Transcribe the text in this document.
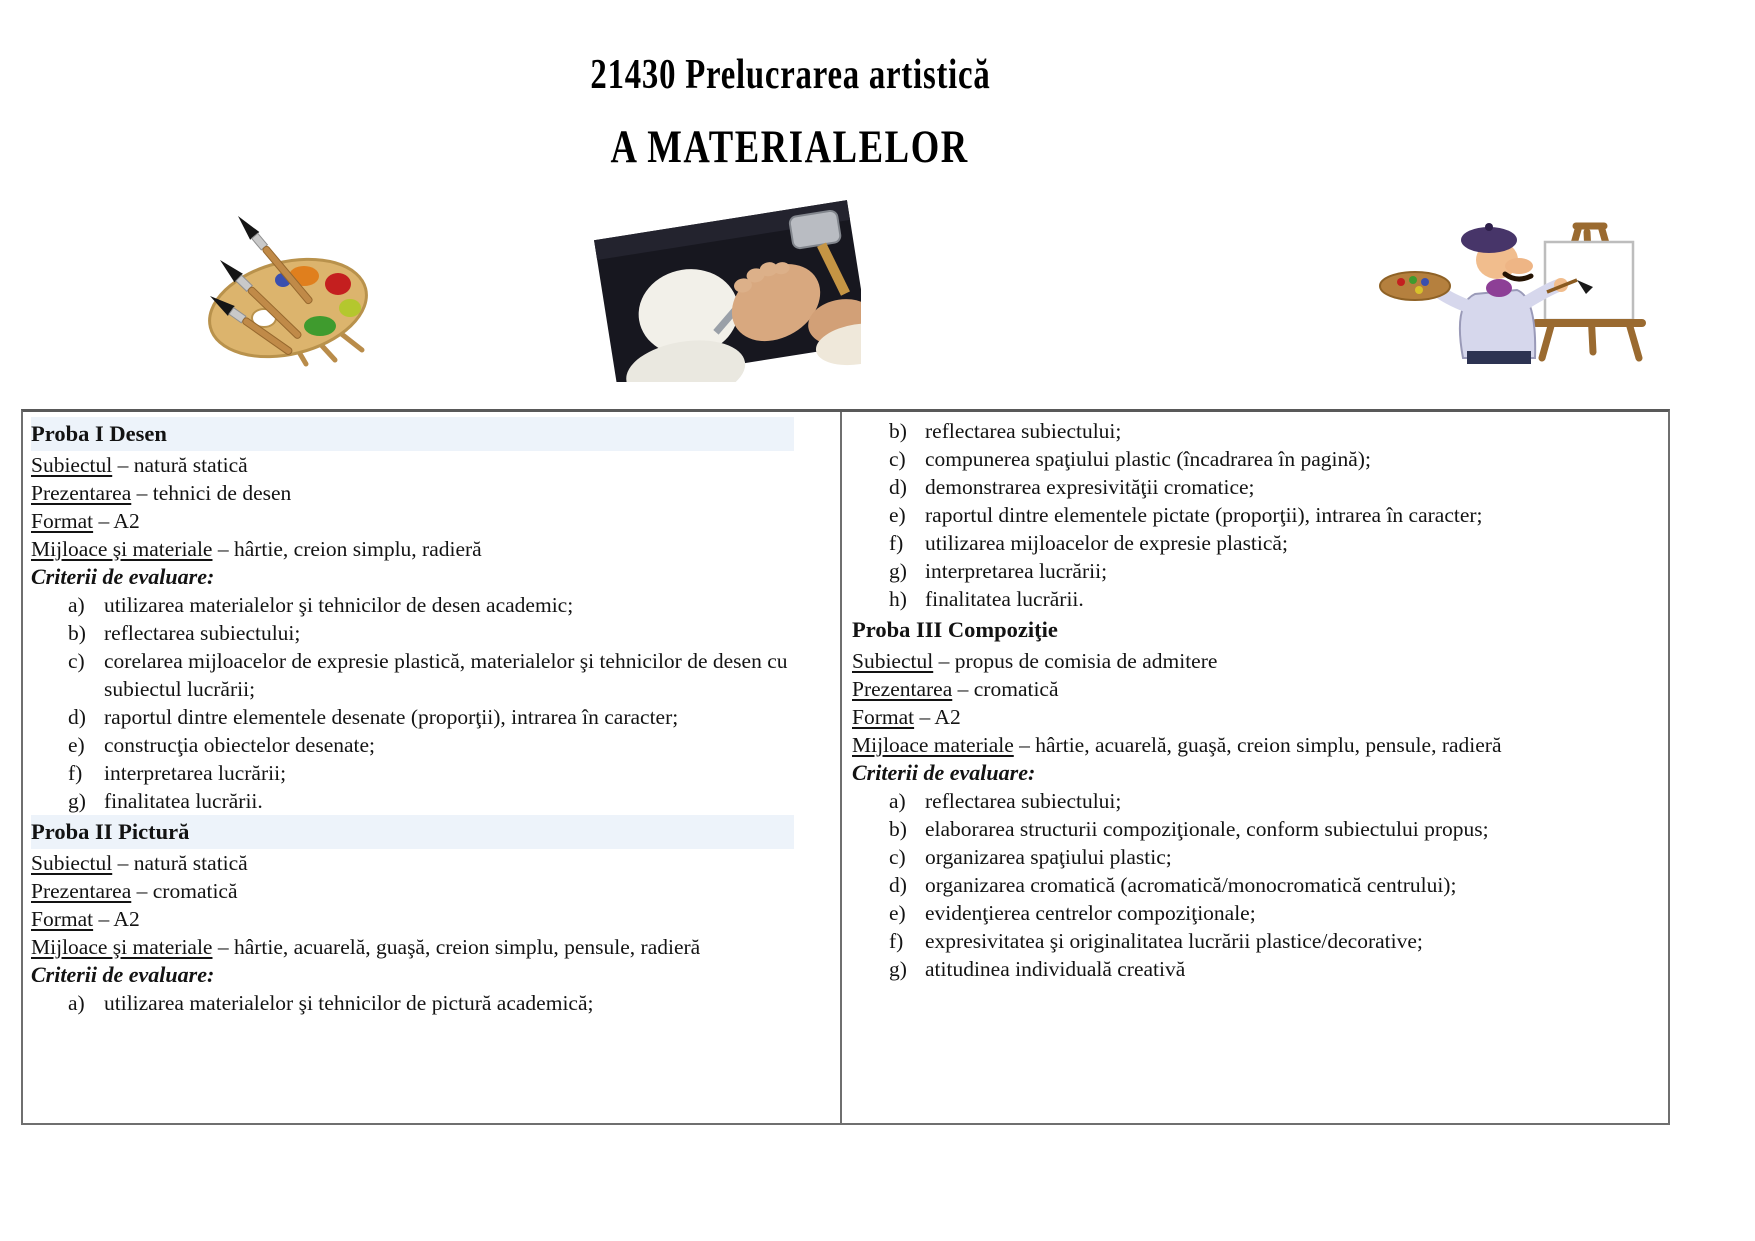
21430 Prelucrarea artistică
A MATERIALELOR
Proba I Desen
Subiectul – natură statică
Prezentarea – tehnici de desen
Format – A2
Mijloace şi materiale – hârtie, creion simplu, radieră
Criterii de evaluare:
a) utilizarea materialelor şi tehnicilor de desen academic;
b) reflectarea subiectului;
c) corelarea mijloacelor de expresie plastică, materialelor şi tehnicilor de desen cu subiectul lucrării;
d) raportul dintre elementele desenate (proporţii), intrarea în caracter;
e) construcţia obiectelor desenate;
f)	interpretarea lucrării;
g) finalitatea lucrării.
Proba II Pictură
Subiectul – natură statică
Prezentarea – cromatică
Format – A2
Mijloace şi materiale – hârtie, acuarelă, guaşă, creion simplu, pensule, radieră
Criterii de evaluare:
a) utilizarea materialelor şi tehnicilor de pictură academică;
b) reflectarea subiectului;
c) compunerea spaţiului plastic (încadrarea în pagină);
d) demonstrarea expresivităţii cromatice;
e) raportul dintre elementele pictate (proporţii), intrarea în caracter;
f)	utilizarea mijloacelor de expresie plastică;
g) interpretarea lucrării;
h) finalitatea lucrării.
Proba III Compoziţie
Subiectul – propus de comisia de admitere
Prezentarea – cromatică
Format – A2
Mijloace materiale – hârtie, acuarelă, guaşă, creion simplu, pensule, radieră
Criterii de evaluare:
a) reflectarea subiectului;
b) elaborarea structurii compoziţionale, conform subiectului propus;
c) organizarea spaţiului plastic;
d) organizarea cromatică (acromatică/monocromatică centrului);
e) evidenţierea centrelor compoziţionale;
f)	expresivitatea şi originalitatea lucrării plastice/decorative;
g) atitudinea individuală creativă
